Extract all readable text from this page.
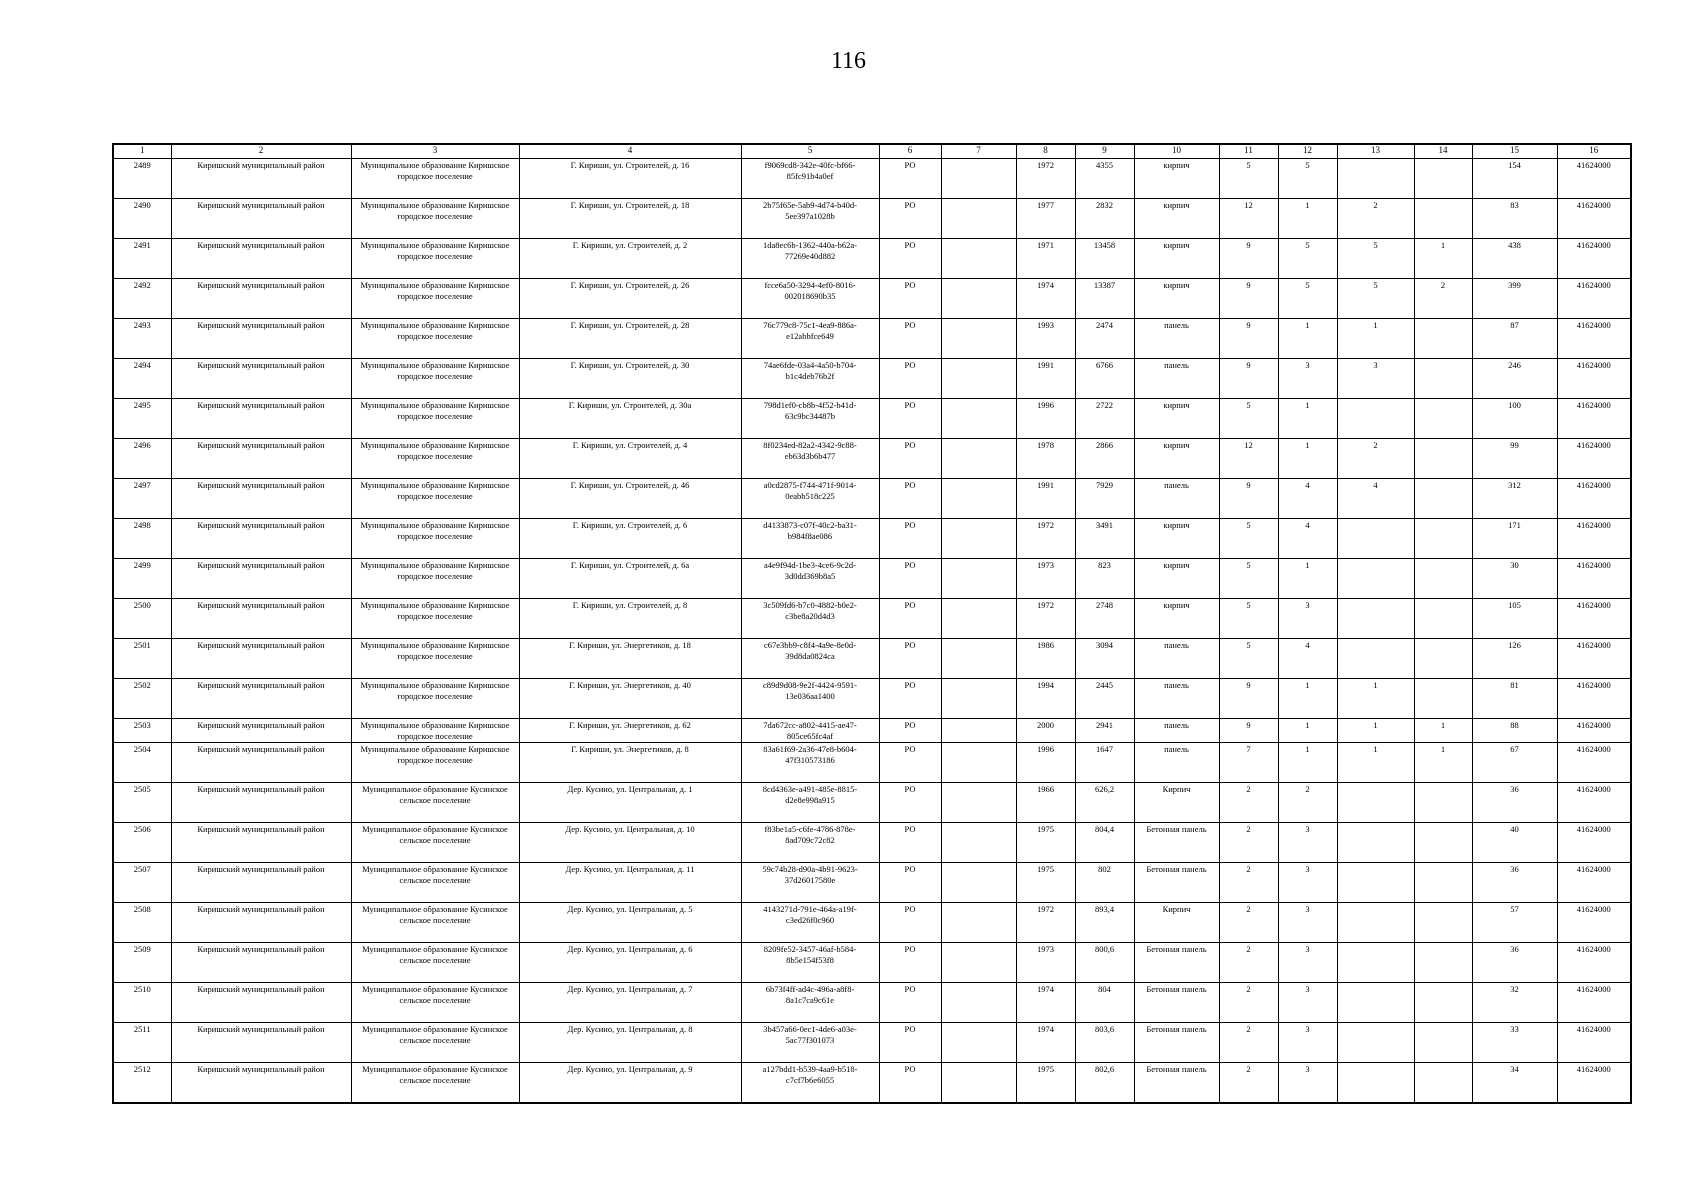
116
1	2	3	4	5	6	7	8	9	10	11	12	13	14	15	16
2489	Киришский муниципальный район	Муниципальное образование Киришское городское поселение	Г. Кириши, ул. Строителей, д. 16	f9069cd8-342e-40fc-bf66-85fc91b4a0ef	РО		1972	4355	кирпич	5	5			154	41624000
2490	Киришский муниципальный район	Муниципальное образование Киришское городское поселение	Г. Кириши, ул. Строителей, д. 18	2b75f65e-5ab9-4d74-b40d-5ee397a1028b	РО		1977	2832	кирпич	12	1	2		83	41624000
2491	Киришский муниципальный район	Муниципальное образование Киришское городское поселение	Г. Кириши, ул. Строителей, д. 2	1da8ec6b-1362-440a-b62a-77269e40d882	РО		1971	13458	кирпич	9	5	5	1	438	41624000
2492	Киришский муниципальный район	Муниципальное образование Киришское городское поселение	Г. Кириши, ул. Строителей, д. 26	fcce6a50-3294-4ef0-8016-002018690b35	РО		1974	13387	кирпич	9	5	5	2	399	41624000
2493	Киришский муниципальный район	Муниципальное образование Киришское городское поселение	Г. Кириши, ул. Строителей, д. 28	76c779c8-75c1-4ea9-886a-e12abbfce649	РО		1993	2474	панель	9	1	1		87	41624000
2494	Киришский муниципальный район	Муниципальное образование Киришское городское поселение	Г. Кириши, ул. Строителей, д. 30	74ae6fde-03a4-4a50-b704-b1c4deb76b2f	РО		1991	6766	панель	9	3	3		246	41624000
2495	Киришский муниципальный район	Муниципальное образование Киришское городское поселение	Г. Кириши, ул. Строителей, д. 30а	798d1ef0-cb8b-4f52-b41d-63c9bc34487b	РО		1996	2722	кирпич	5	1			100	41624000
2496	Киришский муниципальный район	Муниципальное образование Киришское городское поселение	Г. Кириши, ул. Строителей, д. 4	8f0234ed-82a2-4342-9c88-eb63d3b6b477	РО		1978	2866	кирпич	12	1	2		99	41624000
2497	Киришский муниципальный район	Муниципальное образование Киришское городское поселение	Г. Кириши, ул. Строителей, д. 46	a0cd2875-f744-471f-9014-0eabb518c225	РО		1991	7929	панель	9	4	4		312	41624000
2498	Киришский муниципальный район	Муниципальное образование Киришское городское поселение	Г. Кириши, ул. Строителей, д. 6	d4133873-c07f-40c2-ba31-b984f8ae086	РО		1972	3491	кирпич	5	4			171	41624000
2499	Киришский муниципальный район	Муниципальное образование Киришское городское поселение	Г. Кириши, ул. Строителей, д. 6а	a4e9f94d-1be3-4ce6-9c2d-3d0dd369b8a5	РО		1973	823	кирпич	5	1			30	41624000
2500	Киришский муниципальный район	Муниципальное образование Киришское городское поселение	Г. Кириши, ул. Строителей, д. 8	3c509fd6-b7c0-4882-b0e2-c3be8a20d4d3	РО		1972	2748	кирпич	5	3			105	41624000
2501	Киришский муниципальный район	Муниципальное образование Киришское городское поселение	Г. Кириши, ул. Энергетиков, д. 18	c67e3bb9-c8f4-4a9e-8e0d-39d8da0824ca	РО		1986	3094	панель	5	4			126	41624000
2502	Киришский муниципальный район	Муниципальное образование Киришское городское поселение	Г. Кириши, ул. Энергетиков, д. 40	c89d9d08-9e2f-4424-9591-13e036aa1400	РО		1994	2445	панель	9	1	1		81	41624000
2503	Киришский муниципальный район	Муниципальное образование Киришское городское поселение	Г. Кириши, ул. Энергетиков, д. 62	7da672cc-a802-4415-ae47-805ce65fc4af	РО		2000	2941	панель	9	1	1	1	88	41624000
2504	Киришский муниципальный район	Муниципальное образование Киришское городское поселение	Г. Кириши, ул. Энергетиков, д. 8	83a61f69-2a36-47e8-b604-47f310573186	РО		1996	1647	панель	7	1	1	1	67	41624000
2505	Киришский муниципальный район	Муниципальное образование Кусинское сельское поселение	Дер. Кусино, ул. Центральная, д. 1	8cd4363e-a491-485e-8815-d2e8e998a915	РО		1966	626,2	Кирпич	2	2			36	41624000
2506	Киришский муниципальный район	Муниципальное образование Кусинское сельское поселение	Дер. Кусино, ул. Центральная, д. 10	f83be1a5-c6fe-4786-878e-8ad709c72c82	РО		1975	804,4	Бетонная панель	2	3			40	41624000
2507	Киришский муниципальный район	Муниципальное образование Кусинское сельское поселение	Дер. Кусино, ул. Центральная, д. 11	59c74b28-d90a-4b91-9623-37d26017580e	РО		1975	802	Бетонная панель	2	3			36	41624000
2508	Киришский муниципальный район	Муниципальное образование Кусинское сельское поселение	Дер. Кусино, ул. Центральная, д. 5	4143271d-791e-464a-a19f-c3ed26f0c960	РО		1972	893,4	Кирпич	2	3			57	41624000
2509	Киришский муниципальный район	Муниципальное образование Кусинское сельское поселение	Дер. Кусино, ул. Центральная, д. 6	8209fe52-3457-46af-b584-8b5e154f53f8	РО		1973	800,6	Бетонная панель	2	3			36	41624000
2510	Киришский муниципальный район	Муниципальное образование Кусинское сельское поселение	Дер. Кусино, ул. Центральная, д. 7	6b73f4ff-ad4c-496a-a8f8-8a1c7ca9c61e	РО		1974	804	Бетонная панель	2	3			32	41624000
2511	Киришский муниципальный район	Муниципальное образование Кусинское сельское поселение	Дер. Кусино, ул. Центральная, д. 8	3b457a66-0ec1-4de6-a03e-5ac77f301073	РО		1974	803,6	Бетонная панель	2	3			33	41624000
2512	Киришский муниципальный район	Муниципальное образование Кусинское сельское поселение	Дер. Кусино, ул. Центральная, д. 9	a127bdd1-b539-4aa9-b518-c7cf7b6e6055	РО		1975	802,6	Бетонная панель	2	3			34	41624000
